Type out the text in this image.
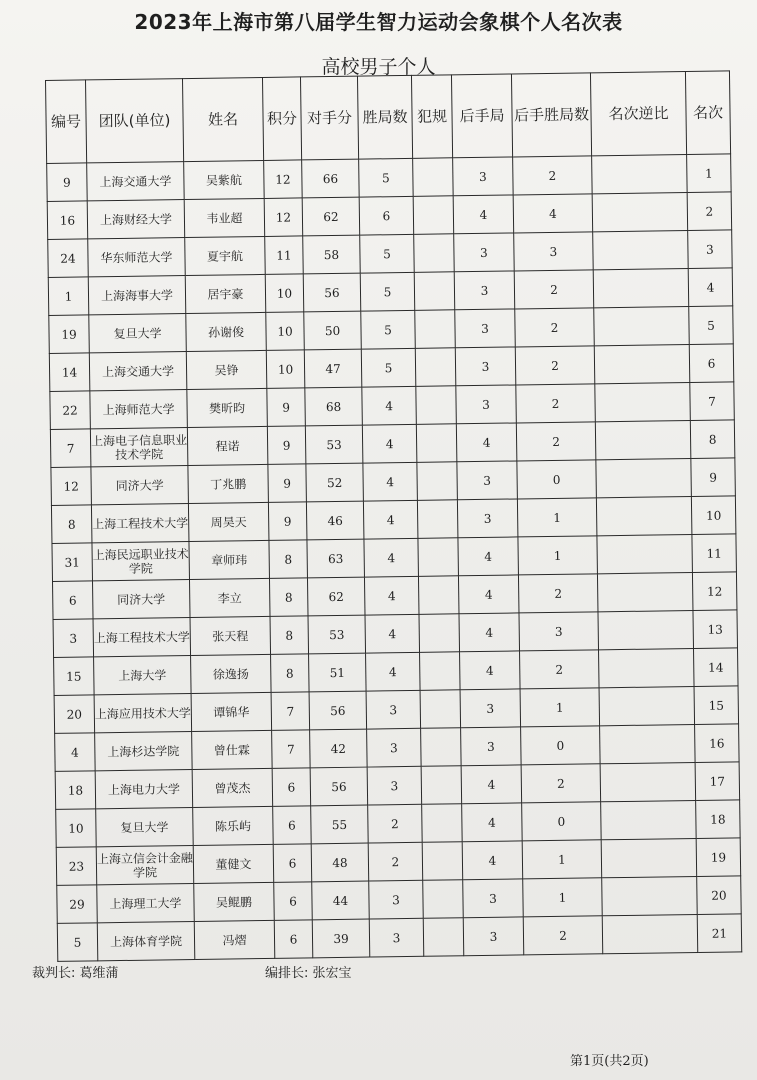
2023年上海市第八届学生智力运动会象棋个人名次表
高校男子个人
编号	团队(单位)	姓名	积分	对手分	胜局数	犯规	后手局	后手胜局数	名次逆比	名次
9	上海交通大学	吴紫航	12	66	5		3	2		1
16	上海财经大学	韦业超	12	62	6		4	4		2
24	华东师范大学	夏宇航	11	58	5		3	3		3
1	上海海事大学	居宇豪	10	56	5		3	2		4
19	复旦大学	孙谢俊	10	50	5		3	2		5
14	上海交通大学	吴铮	10	47	5		3	2		6
22	上海师范大学	樊昕昀	9	68	4		3	2		7
7	上海电子信息职业技术学院	程诺	9	53	4		4	2		8
12	同济大学	丁兆鹏	9	52	4		3	0		9
8	上海工程技术大学	周昊天	9	46	4		3	1		10
31	上海民远职业技术学院	章师玮	8	63	4		4	1		11
6	同济大学	李立	8	62	4		4	2		12
3	上海工程技术大学	张天程	8	53	4		4	3		13
15	上海大学	徐逸扬	8	51	4		4	2		14
20	上海应用技术大学	谭锦华	7	56	3		3	1		15
4	上海杉达学院	曾仕霖	7	42	3		3	0		16
18	上海电力大学	曾茂杰	6	56	3		4	2		17
10	复旦大学	陈乐屿	6	55	2		4	0		18
23	上海立信会计金融学院	董健文	6	48	2		4	1		19
29	上海理工大学	吴鲲鹏	6	44	3		3	1		20
5	上海体育学院	冯熠	6	39	3		3	2		21
裁判长: 葛维蒲	编排长: 张宏宝
第1页(共2页)
